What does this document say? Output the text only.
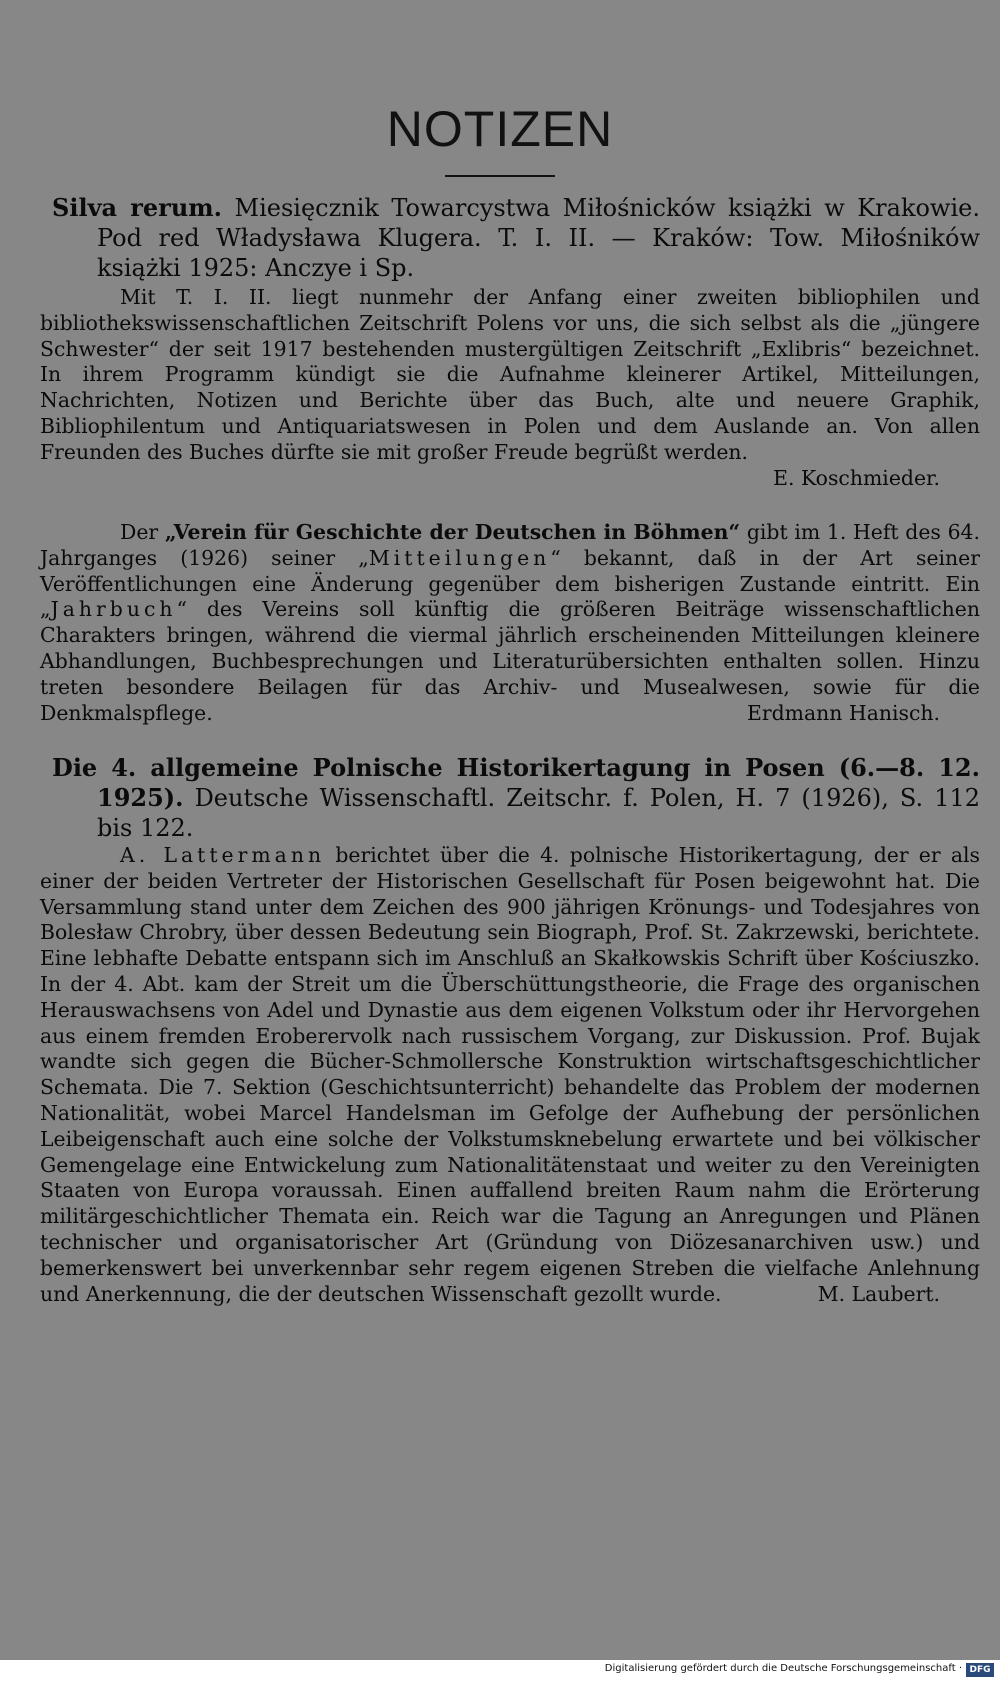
NOTIZEN
Silva rerum. Miesięcznik Towarcystwa Miłośnicków książki w Krakowie. Pod red Władysława Klugera. T. I. II. — Kraków: Tow. Miłośników książki 1925: Anczye i Sp.

Mit T. I. II. liegt nunmehr der Anfang einer zweiten bibliophilen und bibliothekswissenschaftlichen Zeitschrift Polens vor uns, die sich selbst als die „jüngere Schwester“ der seit 1917 bestehenden mustergültigen Zeitschrift „Exlibris“ bezeichnet. In ihrem Programm kündigt sie die Aufnahme kleinerer Artikel, Mitteilungen, Nachrichten, Notizen und Berichte über das Buch, alte und neuere Graphik, Bibliophilentum und Antiquariatswesen in Polen und dem Auslande an. Von allen Freunden des Buches dürfte sie mit großer Freude begrüßt werden.
E. Koschmieder.

Der „Verein für Geschichte der Deutschen in Böhmen“ gibt im 1. Heft des 64. Jahrganges (1926) seiner „Mitteilungen“ bekannt, daß in der Art seiner Veröffentlichungen eine Änderung gegenüber dem bisherigen Zustande eintritt. Ein „Jahrbuch“ des Vereins soll künftig die größeren Beiträge wissenschaftlichen Charakters bringen, während die viermal jährlich erscheinenden Mitteilungen kleinere Abhandlungen, Buchbesprechungen und Literaturübersichten enthalten sollen. Hinzu treten besondere Beilagen für das Archiv- und Musealwesen, sowie für die Denkmalspflege.	Erdmann Hanisch.

Die 4. allgemeine Polnische Historikertagung in Posen (6.—8. 12. 1925). Deutsche Wissenschaftl. Zeitschr. f. Polen, H. 7 (1926), S. 112 bis 122.

A. Lattermann berichtet über die 4. polnische Historikertagung, der er als einer der beiden Vertreter der Historischen Gesellschaft für Posen beigewohnt hat. Die Versammlung stand unter dem Zeichen des 900 jährigen Krönungs- und Todesjahres von Bolesław Chrobry, über dessen Bedeutung sein Biograph, Prof. St. Zakrzewski, berichtete. Eine lebhafte Debatte entspann sich im Anschluß an Skałkowskis Schrift über Kościuszko. In der 4. Abt. kam der Streit um die Überschüttungstheorie, die Frage des organischen Herauswachsens von Adel und Dynastie aus dem eigenen Volkstum oder ihr Hervorgehen aus einem fremden Eroberervolk nach russischem Vorgang, zur Diskussion. Prof. Bujak wandte sich gegen die Bücher-Schmollersche Konstruktion wirtschaftsgeschichtlicher Schemata. Die 7. Sektion (Geschichtsunterricht) behandelte das Problem der modernen Nationalität, wobei Marcel Handelsman im Gefolge der Aufhebung der persönlichen Leibeigenschaft auch eine solche der Volkstumsknebelung erwartete und bei völkischer Gemengelage eine Entwickelung zum Nationalitätenstaat und weiter zu den Vereinigten Staaten von Europa voraussah. Einen auffallend breiten Raum nahm die Erörterung militärgeschichtlicher Themata ein. Reich war die Tagung an Anregungen und Plänen technischer und organisatorischer Art (Gründung von Diözesanarchiven usw.) und bemerkenswert bei unverkennbar sehr regem eigenen Streben die vielfache Anlehnung und Anerkennung, die der deutschen Wissenschaft gezollt wurde.	M. Laubert.

Digitalisierung gefördert durch die Deutsche Forschungsgemeinschaft · DFG
